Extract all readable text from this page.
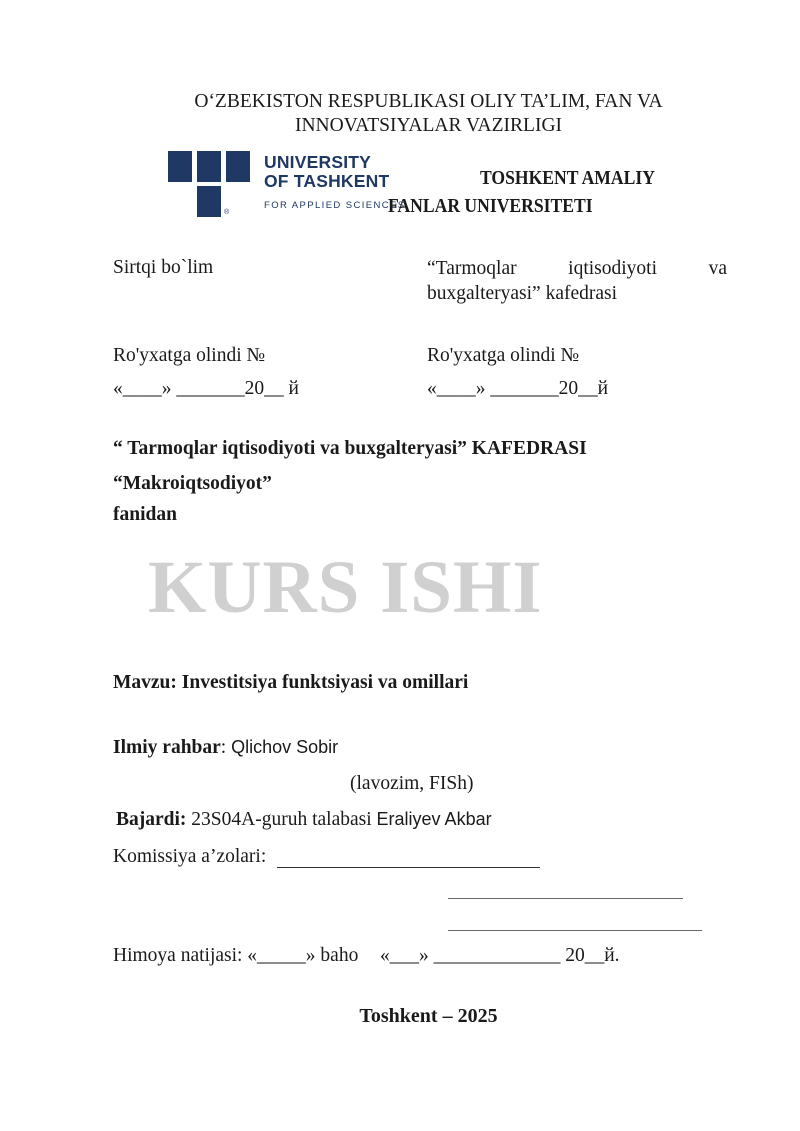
O‘ZBEKISTON RESPUBLIKASI OLIY TA’LIM, FAN VA
INNOVATSIYALAR VAZIRLIGI
®
UNIVERSITY
OF TASHKENT
FOR APPLIED SCIENCES
TOSHKENT AMALIY
FANLAR UNIVERSITETI
Sirtqi bo`lim	“Tarmoqlar iqtisodiyoti va buxgalteryasi” kafedrasi
Ro'yxatga olindi №	Ro'yxatga olindi №
«____» _______20__ й	«____» _______20__й
“ Tarmoqlar iqtisodiyoti va buxgalteryasi” KAFEDRASI
“Makroiqtsodiyot”
fanidan
KURS ISHI
Mavzu: Investitsiya funktsiyasi va omillari
Ilmiy rahbar: Qlichov Sobir
(lavozim, FISh)
Bajardi: 23S04A-guruh talabasi Eraliyev Akbar
Komissiya a’zolari:
Himoya natijasi: «_____» baho «___» _____________ 20__й.
Toshkent – 2025
